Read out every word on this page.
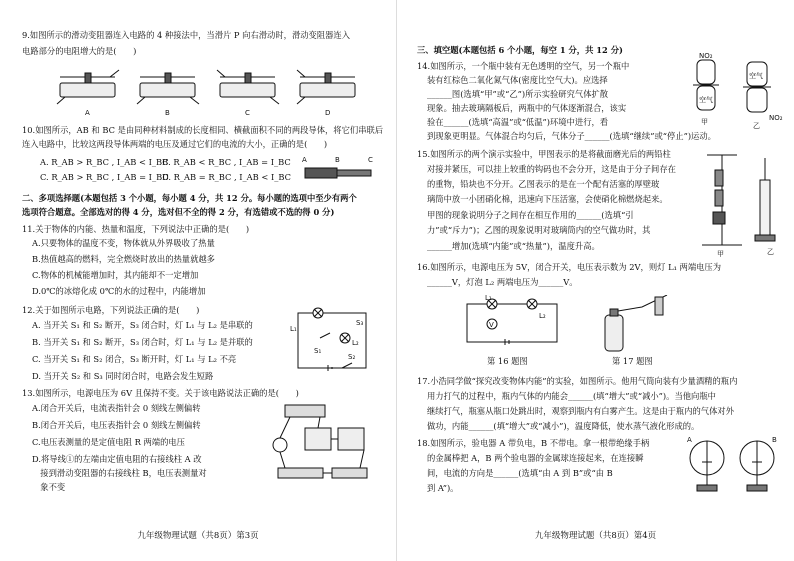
9.如图所示的滑动变阻器连入电路的 4 种接法中，当滑片 P 向右滑动时，滑动变阻器连入
电路部分的电阻增大的是(　　)
A	B	C	D
10.如图所示，AB 和 BC 是由同种材料制成的长度相同、横截面积不同的两段导体，将它们串联后
连入电路中，比较这两段导体两端的电压及通过它们的电流的大小，正确的是(　　)
A. R_AB > R_BC , I_AB < I_BC
B. R_AB < R_BC , I_AB = I_BC
C. R_AB > R_BC , I_AB = I_BC
D. R_AB = R_BC , I_AB < I_BC
A	B	C
二、多项选择题(本题包括 3 个小题，每小题 4 分，共 12 分。每小题的选项中至少有两个
选项符合题意。全部选对的得 4 分，选对但不全的得 2 分，有选错或不选的得 0 分)
11.关于物体的内能、热量和温度，下列说法中正确的是(　　)
A.只要物体的温度不变，物体就从外界吸收了热量
B.热值越高的燃料，完全燃烧时放出的热量就越多
C.物体的机械能增加时，其内能却不一定增加
D.0℃的冰熔化成 0℃的水的过程中，内能增加
12.关于如图所示电路，下列说法正确的是(　　)
A. 当开关 S₁ 和 S₂ 断开，S₃ 闭合时，灯 L₁ 与 L₂ 是串联的
B. 当开关 S₁ 和 S₂ 断开，S₃ 闭合时，灯 L₁ 与 L₂ 是并联的
C. 当开关 S₁ 和 S₂ 闭合，S₃ 断开时，灯 L₁ 与 L₂ 不亮
D. 当开关 S₂ 和 S₃ 同时闭合时，电路会发生短路
L₁
S₃
L₂
S₁
S₂
13.如图所示，电源电压为 6V 且保持不变。关于该电路说法正确的是(　　)
A.闭合开关后，电流表指针会 0 刻线左侧偏转
B.闭合开关后，电压表指针会 0 刻线左侧偏转
C.电压表测量的是定值电阻 R 两端的电压
D.将导线①的左端由定值电阻的右接线柱 A 改
　接到滑动变阻器的右接线柱 B，电压表测量对
　象不变
九年级物理试题（共8页）第3页
三、填空题(本题包括 6 个小题，每空 1 分，共 12 分)
14.如图所示，一个瓶中装有无色透明的空气，另一个瓶中
装有红棕色二氧化氮气体(密度比空气大)。应选择
______图(选填“甲”或“乙”)所示实验研究气体扩散
现象。抽去玻璃隔板后，两瓶中的气体逐渐混合，该实
验在______(选填“高温”或“低温”)环境中进行，看
到现象更明显。气体混合均匀后，气体分子______(选填“继续”或“停止”)运动。
NO₂
空气
空气
NO₂
甲	乙
15.如图所示的两个演示实验中，甲图表示的是将截面磨光后的两铅柱
对接并紧压，可以挂上较重的钩码也不会分开，这是由于分子间存在
的重物，铅块也不分开。乙图表示的是在一个配有活塞的厚壁玻
璃筒中放一小团硝化棉，迅速向下压活塞，会使硝化棉燃烧起来。
甲图的现象说明分子之间存在相互作用的______(选填“引
力”或“斥力”)；乙图的现象说明对玻璃筒内的空气做功时，其
______增加(选填“内能”或“热量”)，温度升高。
甲	乙
16.如图所示，电源电压为 5V，闭合开关，电压表示数为 2V，则灯 L₁ 两端电压为
______V，灯泡 L₂ 两端电压为______V。
L₁
L₂
V
第 16 题图	第 17 题图
17.小浩同学做“探究改变物体内能”的实验，如图所示。他用气筒向装有少量酒精的瓶内
用力打气的过程中，瓶内气体的内能会______(填“增大”或“减小”)。当他向瓶中
继续打气，瓶塞从瓶口处跳出时，观察到瓶内有白雾产生。这是由于瓶内的气体对外
做功，内能______(填“增大”或“减小”)，温度降低，使水蒸气液化形成的。
18.如图所示，验电器 A 带负电，B 不带电。拿一根带绝缘手柄
的金属棒把 A，B 两个验电器的金属球连接起来，在连接瞬
间，电流的方向是______(选填“由 A 到 B”或“由 B
到 A”)。
A	B
九年级物理试题（共8页）第4页
